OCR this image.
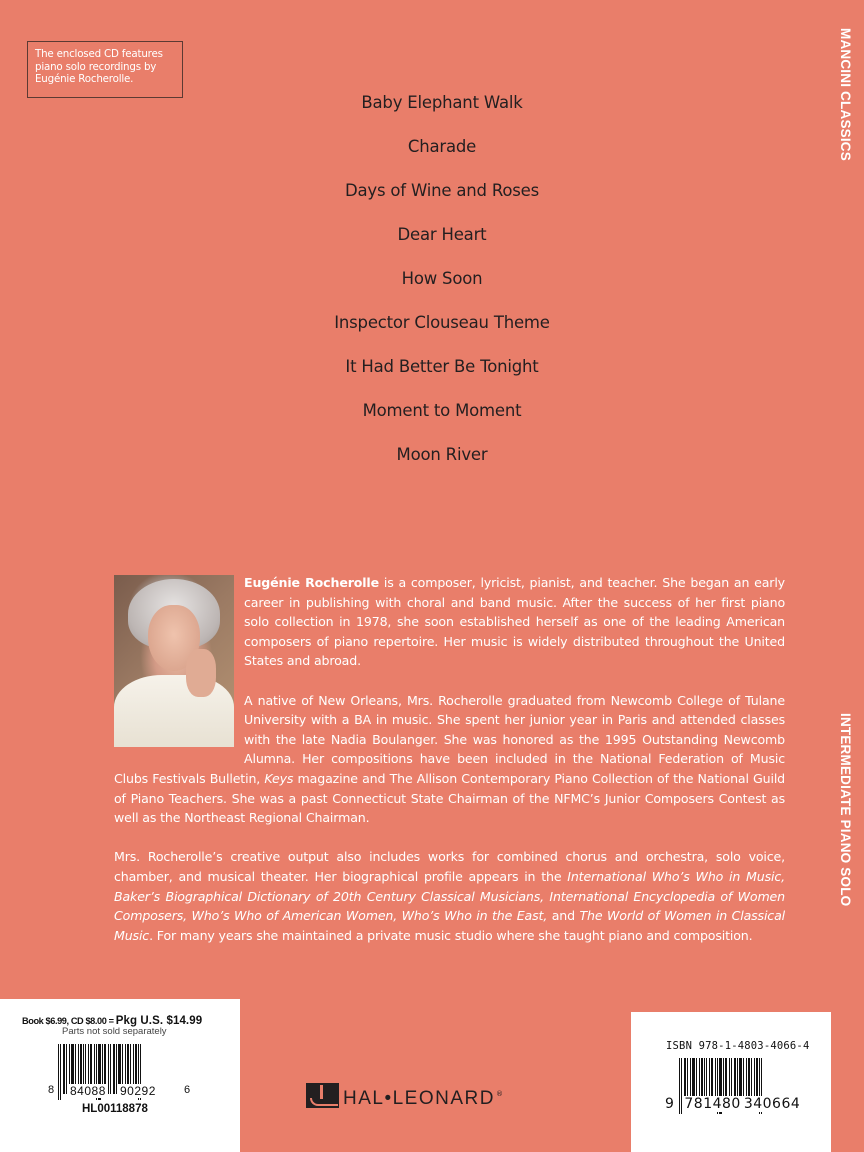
The enclosed CD features
piano solo recordings by
Eugénie Rocherolle.	MANCINI CLASSICS
INTERMEDIATE PIANO SOLO
Baby Elephant Walk
Charade
Days of Wine and Roses
Dear Heart
How Soon
Inspector Clouseau Theme
It Had Better Be Tonight
Moment to Moment
Moon River

Eugénie Rocherolle is a composer, lyricist, pianist, and teacher. She began an early career in publishing with choral and band music. After the success of her first piano solo collection in 1978, she soon established herself as one of the leading American composers of piano repertoire. Her music is widely distributed throughout the United States and abroad.

A native of New Orleans, Mrs. Rocherolle graduated from Newcomb College of Tulane University with a BA in music. She spent her junior year in Paris and attended classes with the late Nadia Boulanger. She was honored as the 1995 Outstanding Newcomb Alumna. Her compositions have been included in the National Federation of Music Clubs Festivals Bulletin, Keys magazine and The Allison Contemporary Piano Collection of the National Guild of Piano Teachers. She was a past Connecticut State Chairman of the NFMC’s Junior Composers Contest as well as the Northeast Regional Chairman.

Mrs. Rocherolle’s creative output also includes works for combined chorus and orchestra, solo voice, chamber, and musical theater. Her biographical profile appears in the International Who’s Who in Music, Baker’s Biographical Dictionary of 20th Century Classical Musicians, International Encyclopedia of Women Composers, Who’s Who of American Women, Who’s Who in the East, and The World of Women in Classical Music. For many years she maintained a private music studio where she taught piano and composition.

Book $6.99, CD $8.00 = Pkg U.S. $14.99
Parts not sold separately
8 84088 90292	6
HL00118878	HAL•LEONARD ®
ISBN 978-1-4803-4066-4
9 781480 340664
